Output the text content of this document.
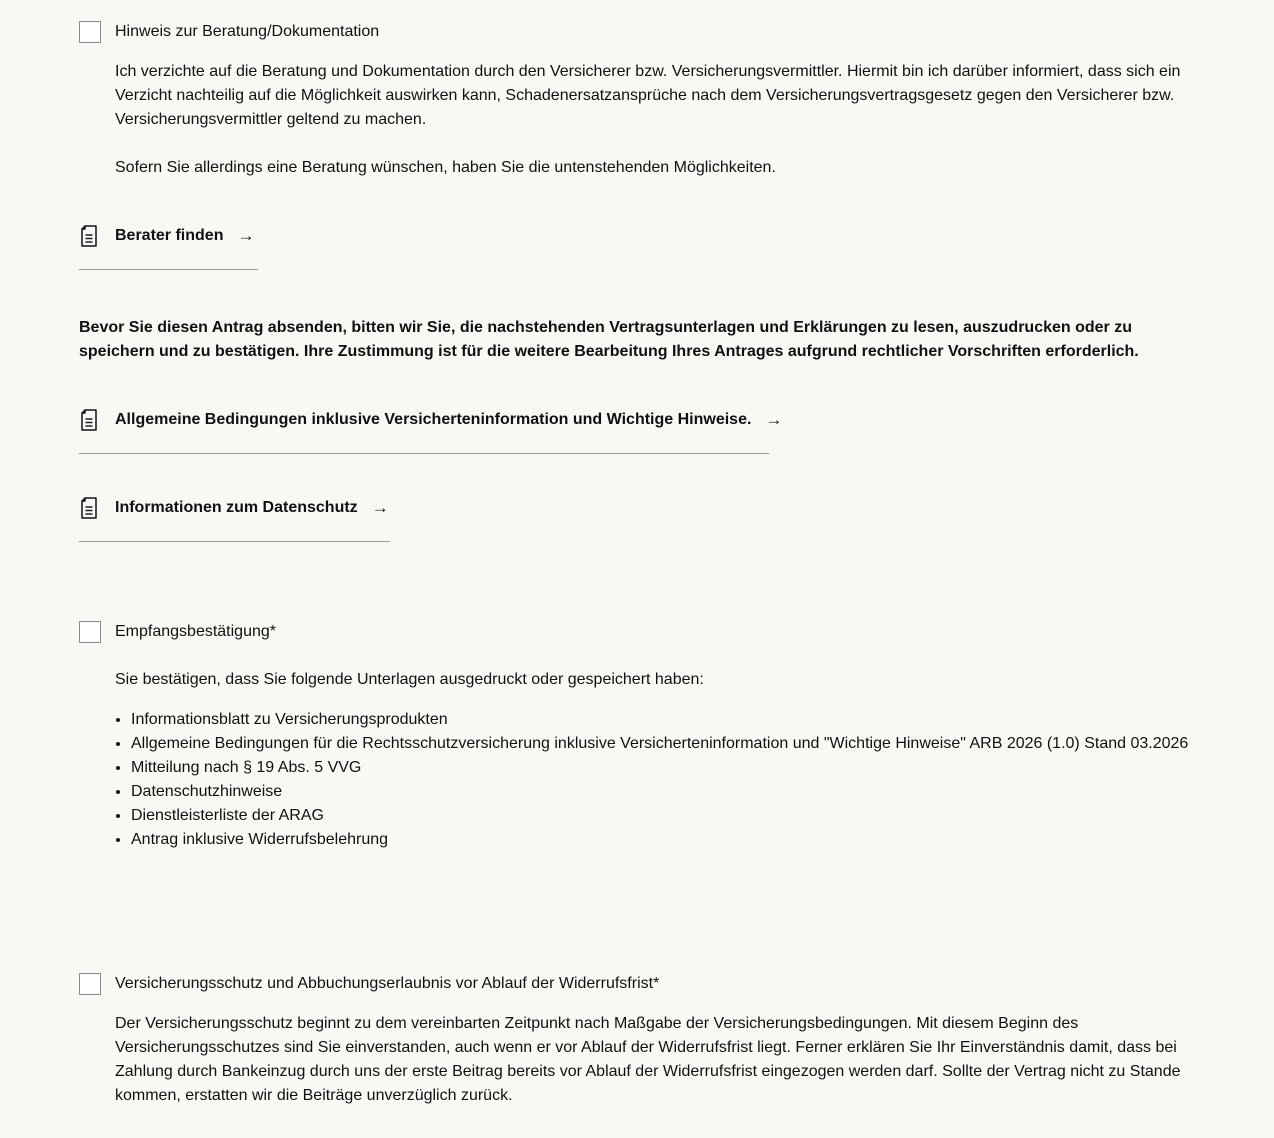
Hinweis zur Beratung/Dokumentation
Ich verzichte auf die Beratung und Dokumentation durch den Versicherer bzw. Versicherungsvermittler. Hiermit bin ich darüber informiert, dass sich ein Verzicht nachteilig auf die Möglichkeit auswirken kann, Schadenersatzansprüche nach dem Versicherungsvertragsgesetz gegen den Versicherer bzw. Versicherungsvermittler geltend zu machen.
Sofern Sie allerdings eine Beratung wünschen, haben Sie die untenstehenden Möglichkeiten.
Berater finden →
Bevor Sie diesen Antrag absenden, bitten wir Sie, die nachstehenden Vertragsunterlagen und Erklärungen zu lesen, auszudrucken oder zu speichern und zu bestätigen. Ihre Zustimmung ist für die weitere Bearbeitung Ihres Antrages aufgrund rechtlicher Vorschriften erforderlich.
Allgemeine Bedingungen inklusive Versicherteninformation und Wichtige Hinweise. →
Informationen zum Datenschutz →
Empfangsbestätigung*
Sie bestätigen, dass Sie folgende Unterlagen ausgedruckt oder gespeichert haben:
• Informationsblatt zu Versicherungsprodukten
• Allgemeine Bedingungen für die Rechtsschutzversicherung inklusive Versicherteninformation und "Wichtige Hinweise" ARB 2026 (1.0) Stand 03.2026
• Mitteilung nach § 19 Abs. 5 VVG
• Datenschutzhinweise
• Dienstleisterliste der ARAG
• Antrag inklusive Widerrufsbelehrung
Versicherungsschutz und Abbuchungserlaubnis vor Ablauf der Widerrufsfrist*
Der Versicherungsschutz beginnt zu dem vereinbarten Zeitpunkt nach Maßgabe der Versicherungsbedingungen. Mit diesem Beginn des Versicherungsschutzes sind Sie einverstanden, auch wenn er vor Ablauf der Widerrufsfrist liegt. Ferner erklären Sie Ihr Einverständnis damit, dass bei Zahlung durch Bankeinzug durch uns der erste Beitrag bereits vor Ablauf der Widerrufsfrist eingezogen werden darf. Sollte der Vertrag nicht zu Stande kommen, erstatten wir die Beiträge unverzüglich zurück.
